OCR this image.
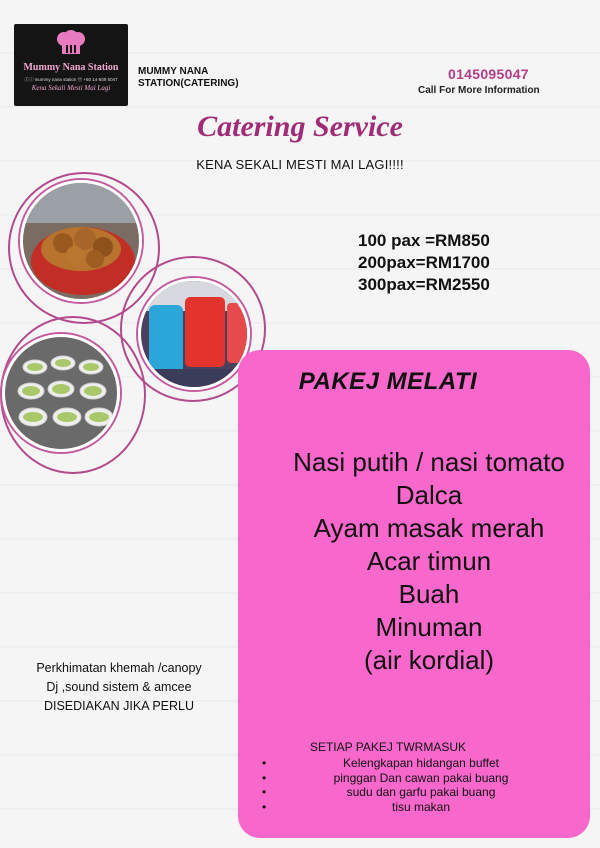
Mummy Nana Station
ⓕⓘ mummy nana station ☏ +60 14-509 5047
Kena Sekali Mesti Mai Lagi
MUMMY NANA STATION(CATERING)
0145095047
Call For More Information
Catering Service
KENA SEKALI MESTI MAI LAGI!!!!
100 pax =RM850
200pax=RM1700
300pax=RM2550
PAKEJ MELATI
Nasi putih / nasi tomato
Dalca
Ayam masak merah
Acar timun
Buah
Minuman
(air kordial)
SETIAP PAKEJ TWRMASUK
•	Kelengkapan hidangan buffet
•	pinggan Dan cawan pakai buang
•	sudu dan garfu pakai buang
•	tisu makan
Perkhimatan khemah /canopy
Dj ,sound sistem & amcee
DISEDIAKAN JIKA PERLU
